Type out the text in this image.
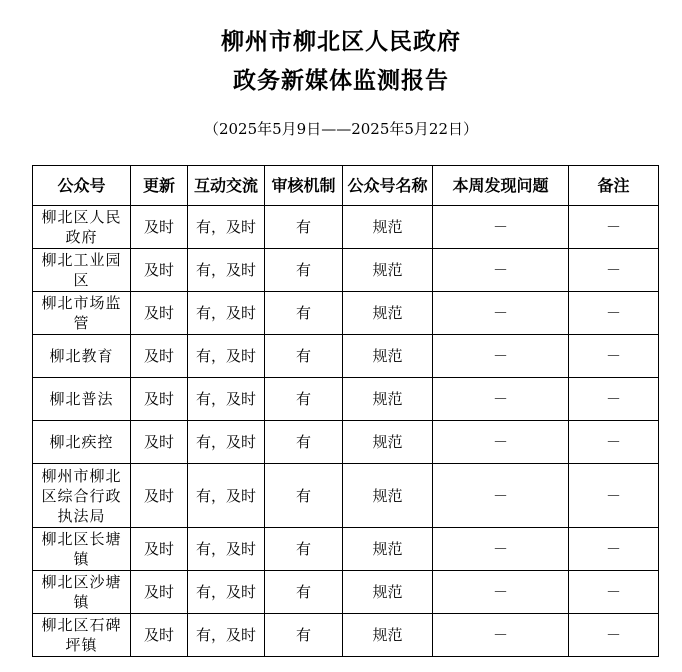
柳州市柳北区人民政府
政务新媒体监测报告
（2025年5月9日——2025年5月22日）
公众号	更新	互动交流	审核机制	公众号名称	本周发现问题	备注
柳北区人民政府	及时	有，及时	有	规范	－	－
柳北工业园区	及时	有，及时	有	规范	－	－
柳北市场监管	及时	有，及时	有	规范	－	－
柳北教育	及时	有，及时	有	规范	－	－
柳北普法	及时	有，及时	有	规范	－	－
柳北疾控	及时	有，及时	有	规范	－	－
柳州市柳北区综合行政执法局	及时	有，及时	有	规范	－	－
柳北区长塘镇	及时	有，及时	有	规范	－	－
柳北区沙塘镇	及时	有，及时	有	规范	－	－
柳北区石碑坪镇	及时	有，及时	有	规范	－	－
